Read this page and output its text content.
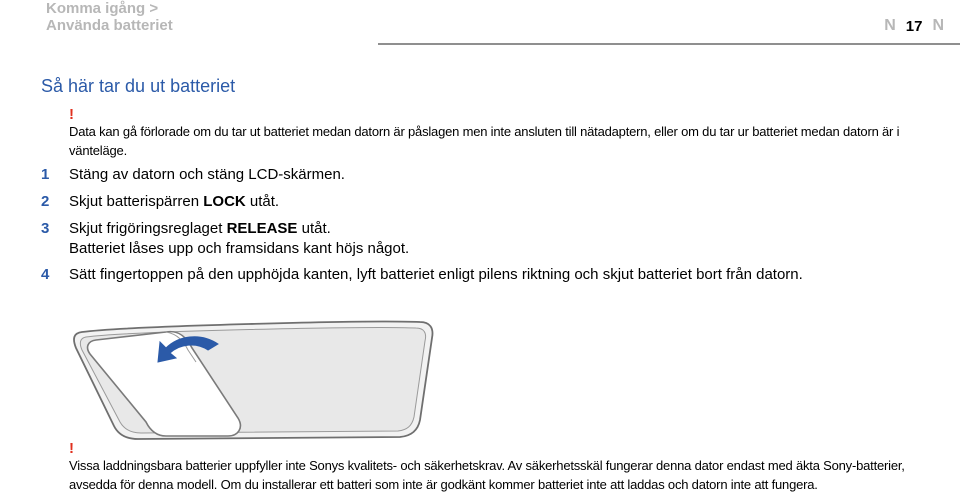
Komma igång >
Använda batteriet	N 17 N
Så här tar du ut batteriet
!
Data kan gå förlorade om du tar ut batteriet medan datorn är påslagen men inte ansluten till nätadaptern, eller om du tar ur batteriet medan datorn är i
vänteläge.
1	Stäng av datorn och stäng LCD-skärmen.
2	Skjut batterispärren LOCK utåt.
3	Skjut frigöringsreglaget RELEASE utåt.
Batteriet låses upp och framsidans kant höjs något.
4	Sätt fingertoppen på den upphöjda kanten, lyft batteriet enligt pilens riktning och skjut batteriet bort från datorn.
!
Vissa laddningsbara batterier uppfyller inte Sonys kvalitets- och säkerhetskrav. Av säkerhetsskäl fungerar denna dator endast med äkta Sony-batterier,
avsedda för denna modell. Om du installerar ett batteri som inte är godkänt kommer batteriet inte att laddas och datorn inte att fungera.
